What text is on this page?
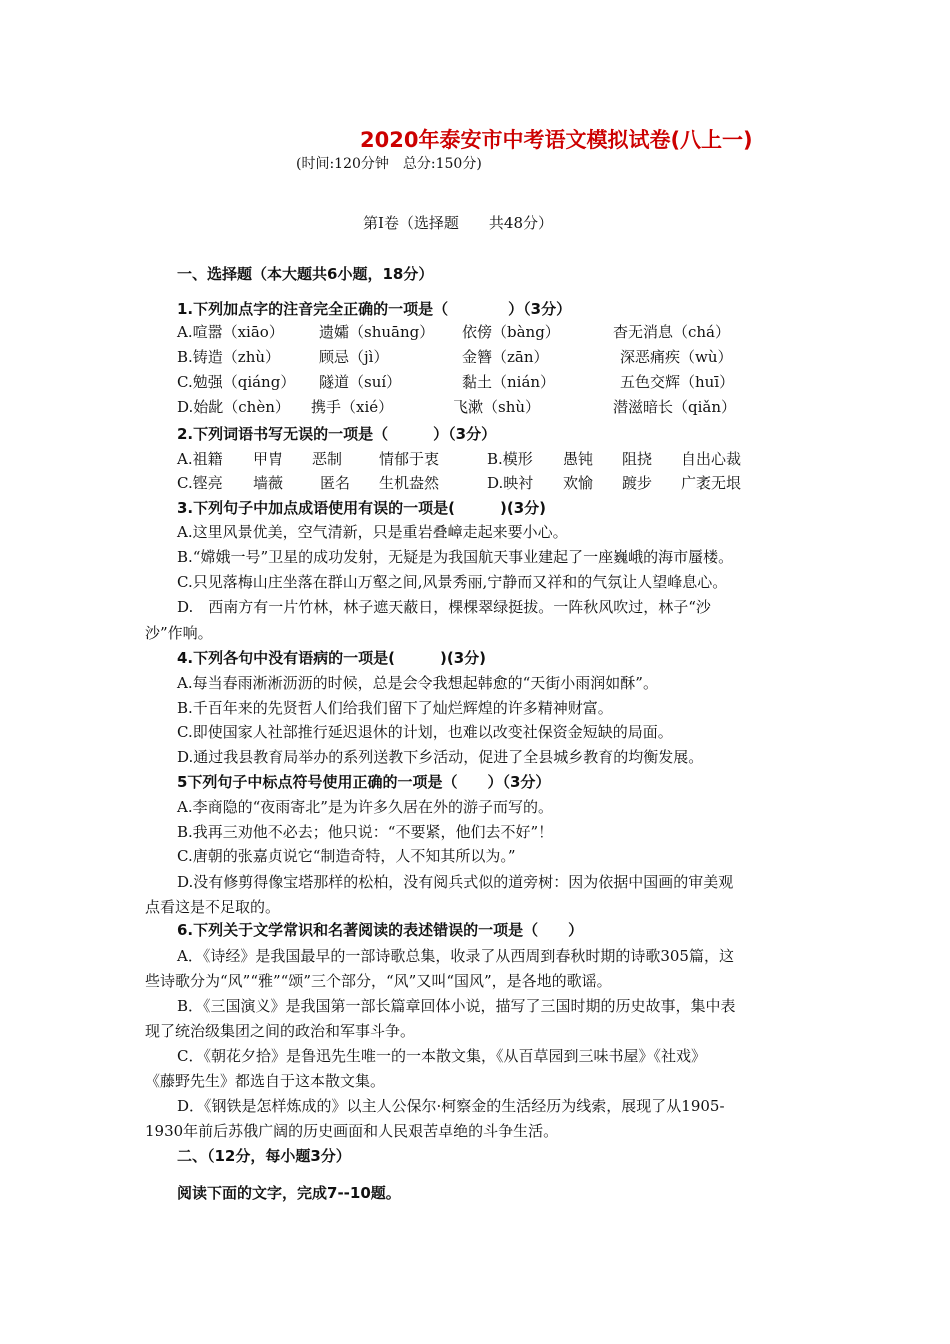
2020年泰安市中考语文模拟试卷(八上一)
(时间:120分钟　总分:150分)
第Ⅰ卷（选择题　　共48分）
一、选择题（本大题共6小题，18分）
1.下列加点字的注音完全正确的一项是（　　　　）（3分）
A.喧嚣（xiāo） 遗孀（shuāng） 依傍（bàng）	杳无消息（chá）
B.铸造（zhù）	顾忌（jì）	金簪（zān）	深恶痛疾（wù）
C.勉强（qiáng） 隧道（suí）	黏土（nián）	五色交辉（huī）
D.始龀（chèn） 携手（xié）	飞漱（shù）	潜滋暗长（qiǎn）
2.下列词语书写无误的一项是（　　　）（3分）
A.祖籍 甲胄 恶制 情郁于衷	B.模形 愚钝 阻挠 自出心裁
C.铿亮 墙薇 匿名 生机盎然	D.映衬 欢愉 踱步 广袤无垠
3.下列句子中加点成语使用有误的一项是(　　　)(3分)
A.这里风景优美，空气清新，只是重岩叠嶂走起来要小心。
B.“嫦娥一号”卫星的成功发射，无疑是为我国航天事业建起了一座巍峨的海市蜃楼。
C.只见落梅山庄坐落在群山万壑之间,风景秀丽,宁静而又祥和的气氛让人望峰息心。
D.　西南方有一片竹林，林子遮天蔽日，棵棵翠绿挺拔。一阵秋风吹过，林子“沙
沙”作响。
4.下列各句中没有语病的一项是(　　　)(3分)
A.每当春雨淅淅沥沥的时候，总是会令我想起韩愈的“天街小雨润如酥”。
B.千百年来的先贤哲人们给我们留下了灿烂辉煌的许多精神财富。
C.即使国家人社部推行延迟退休的计划，也难以改变社保资金短缺的局面。
D.通过我县教育局举办的系列送教下乡活动，促进了全县城乡教育的均衡发展。
5下列句子中标点符号使用正确的一项是（　　）（3分）
A.李商隐的“夜雨寄北”是为许多久居在外的游子而写的。
B.我再三劝他不必去；他只说：“不要紧，他们去不好”！
C.唐朝的张嘉贞说它“制造奇特，人不知其所以为。”
D.没有修剪得像宝塔那样的松柏，没有阅兵式似的道旁树：因为依据中国画的审美观
点看这是不足取的。
6.下列关于文学常识和名著阅读的表述错误的一项是（　　）
A．《诗经》是我国最早的一部诗歌总集，收录了从西周到春秋时期的诗歌305篇，这
些诗歌分为“风”“雅”“颂”三个部分，“风”又叫“国风”，是各地的歌谣。
B．《三国演义》是我国第一部长篇章回体小说，描写了三国时期的历史故事，集中表
现了统治级集团之间的政治和军事斗争。
C．《朝花夕拾》是鲁迅先生唯一的一本散文集，《从百草园到三味书屋》《社戏》
《藤野先生》都选自于这本散文集。
D．《钢铁是怎样炼成的》以主人公保尔·柯察金的生活经历为线索，展现了从1905-
1930年前后苏俄广阔的历史画面和人民艰苦卓绝的斗争生活。
二、（12分，每小题3分）
阅读下面的文字，完成7--10题。
